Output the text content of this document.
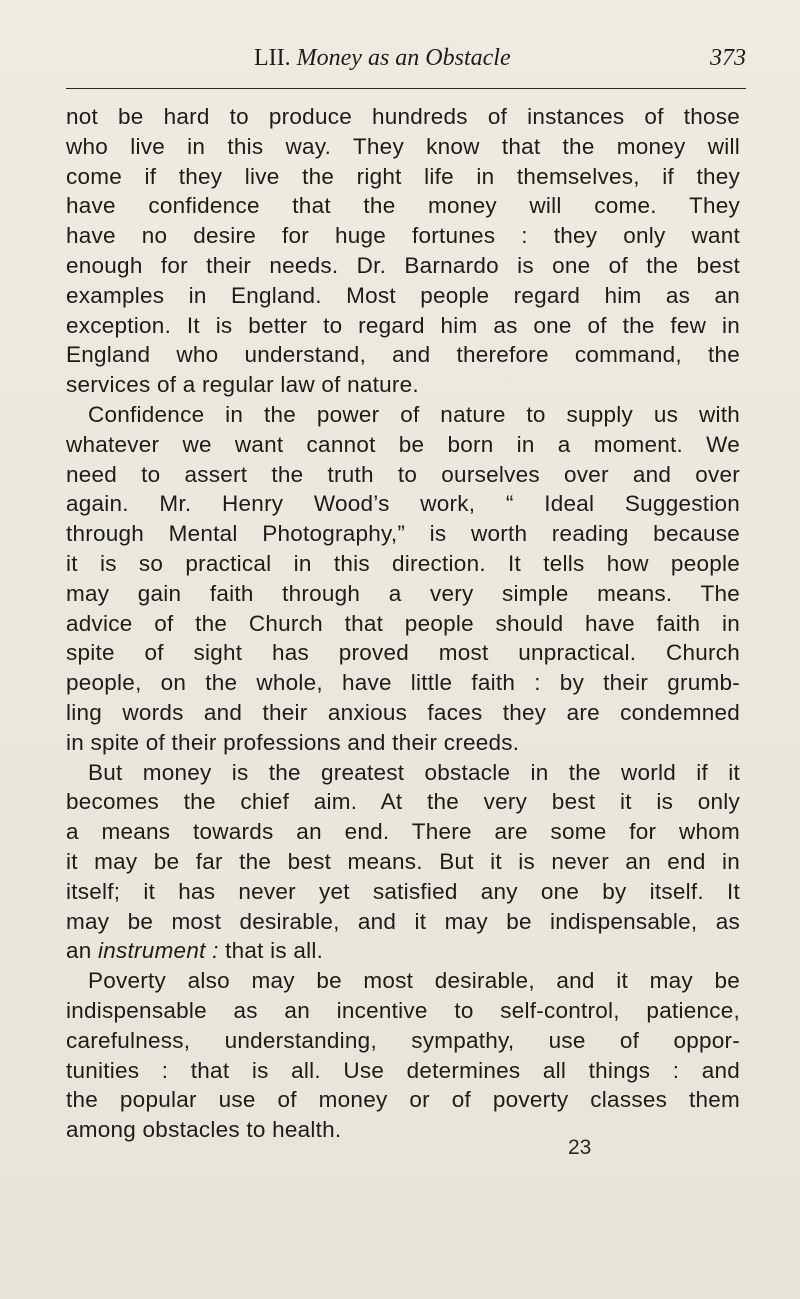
LII. Money as an Obstacle	373
not be hard to produce hundreds of instances of those
who live in this way. They know that the money will
come if they live the right life in themselves, if they
have confidence that the money will come. They
have no desire for huge fortunes : they only want
enough for their needs. Dr. Barnardo is one of the best
examples in England. Most people regard him as an
exception. It is better to regard him as one of the few in
England who understand, and therefore command, the
services of a regular law of nature.
Confidence in the power of nature to supply us with
whatever we want cannot be born in a moment. We
need to assert the truth to ourselves over and over
again. Mr. Henry Wood’s work, “ Ideal Suggestion
through Mental Photography,” is worth reading because
it is so practical in this direction. It tells how people
may gain faith through a very simple means. The
advice of the Church that people should have faith in
spite of sight has proved most unpractical. Church
people, on the whole, have little faith : by their grumb-
ling words and their anxious faces they are condemned
in spite of their professions and their creeds.
But money is the greatest obstacle in the world if it
becomes the chief aim. At the very best it is only
a means towards an end. There are some for whom
it may be far the best means. But it is never an end in
itself; it has never yet satisfied any one by itself. It
may be most desirable, and it may be indispensable, as
an instrument : that is all.
Poverty also may be most desirable, and it may be
indispensable as an incentive to self-control, patience,
carefulness, understanding, sympathy, use of oppor-
tunities : that is all. Use determines all things : and
the popular use of money or of poverty classes them
among obstacles to health.
23
